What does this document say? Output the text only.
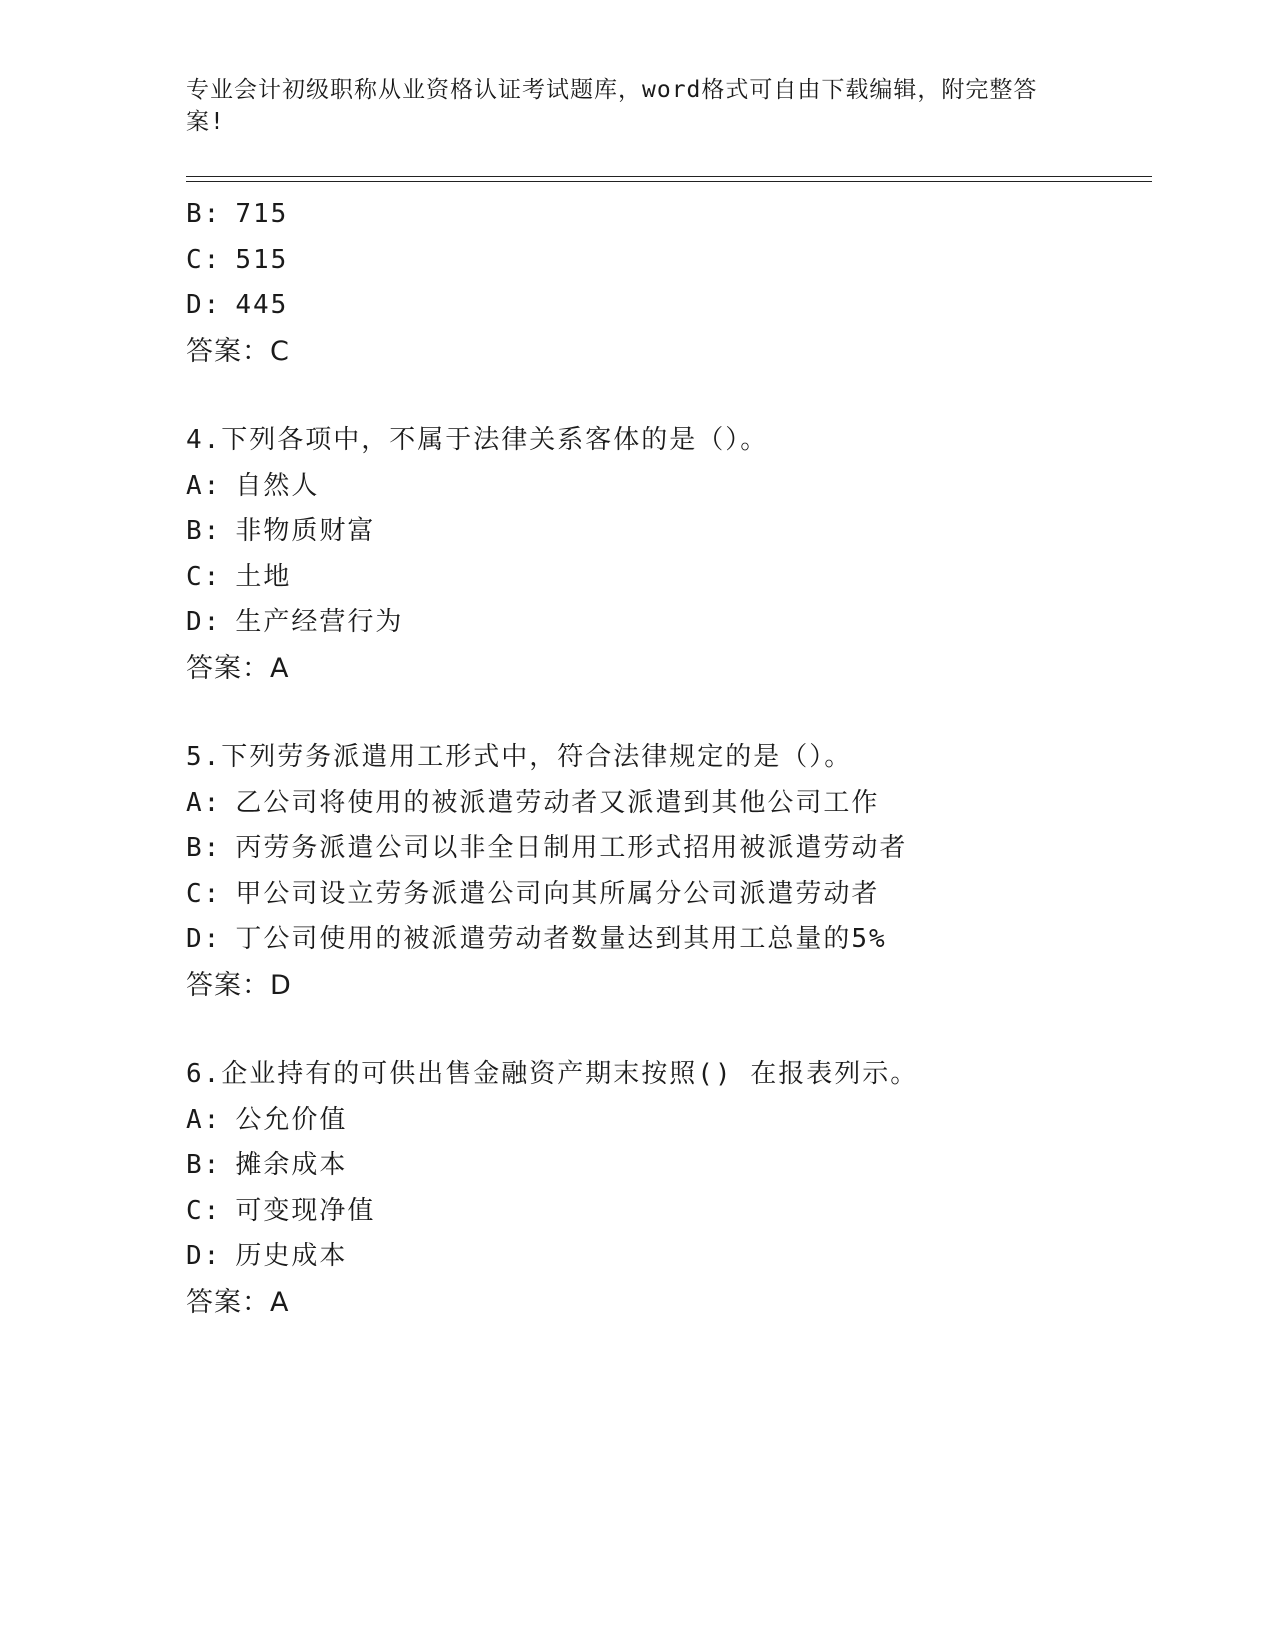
专业会计初级职称从业资格认证考试题库，word格式可自由下载编辑，附完整答
案!
B: 715
C: 515
D: 445
答案：C
4.下列各项中，不属于法律关系客体的是（）。
A: 自然人
B: 非物质财富
C: 土地
D: 生产经营行为
答案：A
5.下列劳务派遣用工形式中，符合法律规定的是（）。
A: 乙公司将使用的被派遣劳动者又派遣到其他公司工作
B: 丙劳务派遣公司以非全日制用工形式招用被派遣劳动者
C: 甲公司设立劳务派遣公司向其所属分公司派遣劳动者
D: 丁公司使用的被派遣劳动者数量达到其用工总量的5%
答案：D
6.企业持有的可供出售金融资产期末按照() 在报表列示。
A: 公允价值
B: 摊余成本
C: 可变现净值
D: 历史成本
答案：A
